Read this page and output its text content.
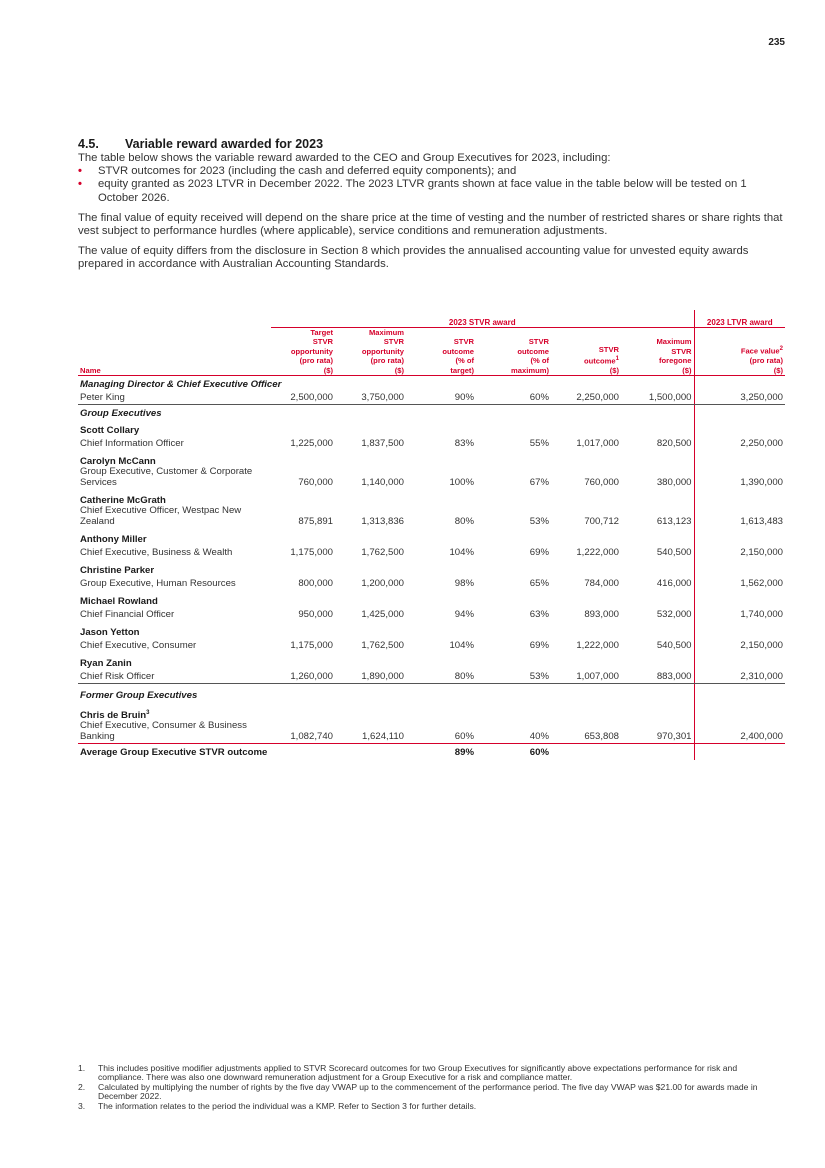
235
4.5. Variable reward awarded for 2023

The table below shows the variable reward awarded to the CEO and Group Executives for 2023, including:

• STVR outcomes for 2023 (including the cash and deferred equity components); and
• equity granted as 2023 LTVR in December 2022. The 2023 LTVR grants shown at face value in the table below will be tested on 1 October 2026.

The final value of equity received will depend on the share price at the time of vesting and the number of restricted shares or share rights that vest subject to performance hurdles (where applicable), service conditions and remuneration adjustments.

The value of equity differs from the disclosure in Section 8 which provides the annualised accounting value for unvested equity awards prepared in accordance with Australian Accounting Standards.

	2023 STVR award						2023 LTVR award
Name	Target
STVR
opportunity
(pro rata)
($)	Maximum
STVR
opportunity
(pro rata)
($)	STVR
outcome
(% of
target)	STVR
outcome
(% of
maximum)	STVR
outcome$^1$
($)	Maximum
STVR
foregone
($)	Face value$^2$
(pro rata)
($)
Managing Director & Chief Executive Officer							
Peter King	2,500,000	3,750,000	90%	60%	2,250,000	1,500,000	3,250,000
Group Executives							
Scott Collary							
Chief Information Officer	1,225,000	1,837,500	83%	55%	1,017,000	820,500	2,250,000
Carolyn McCann							
Group Executive, Customer & Corporate Services	760,000	1,140,000	100%	67%	760,000	380,000	1,390,000
Catherine McGrath							
Chief Executive Officer, Westpac New Zealand	875,891	1,313,836	80%	53%	700,712	613,123	1,613,483
Anthony Miller							
Chief Executive, Business & Wealth	1,175,000	1,762,500	104%	69%	1,222,000	540,500	2,150,000
Christine Parker							
Group Executive, Human Resources	800,000	1,200,000	98%	65%	784,000	416,000	1,562,000
Michael Rowland							
Chief Financial Officer	950,000	1,425,000	94%	63%	893,000	532,000	1,740,000
Jason Yetton							
Chief Executive, Consumer	1,175,000	1,762,500	104%	69%	1,222,000	540,500	2,150,000
Ryan Zanin							
Chief Risk Officer	1,260,000	1,890,000	80%	53%	1,007,000	883,000	2,310,000
Former Group Executives							
Chris de Bruin$^3$	
Chief Executive, Consumer & Business Banking	1,082,740	1,624,110	60%	40%	653,808	970,301	2,400,000
Average Group Executive STVR outcome			89%	60%			

1. This includes positive modifier adjustments applied to STVR Scorecard outcomes for two Group Executives for significantly above expectations performance for risk and compliance. There was also one downward remuneration adjustment for a Group Executive for a risk and compliance matter.

2. Calculated by multiplying the number of rights by the five day VWAP up to the commencement of the performance period. The five day VWAP was $21.00 for awards made in December 2022.

3. The information relates to the period the individual was a KMP. Refer to Section 3 for further details.
